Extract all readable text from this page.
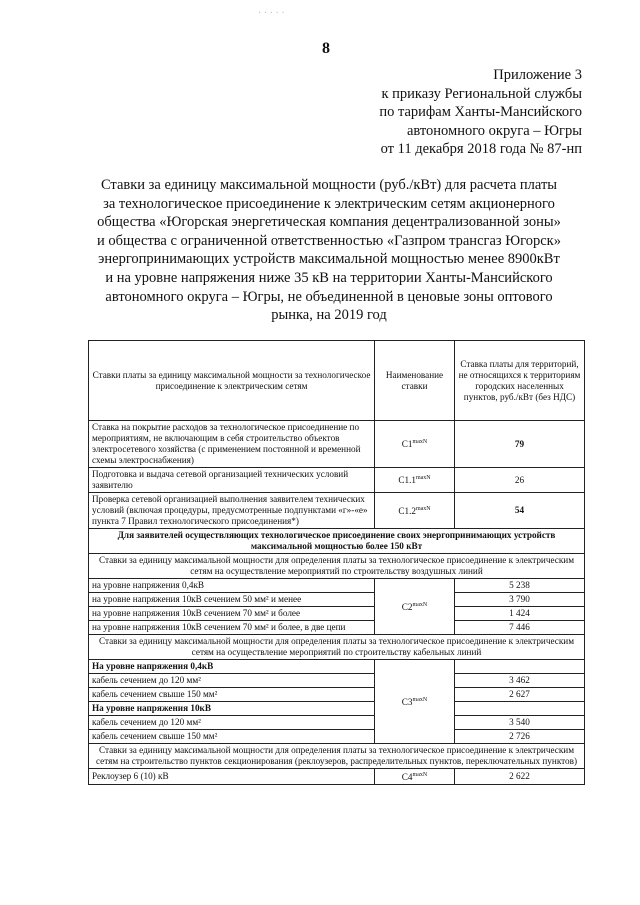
8
· · · · ·
Приложение 3
к приказу Региональной службы
по тарифам Ханты-Мансийского
автономного округа – Югры
от 11 декабря 2018 года № 87-нп
Ставки за единицу максимальной мощности (руб./кВт) для расчета платы
за технологическое присоединение к электрическим сетям акционерного
общества «Югорская энергетическая компания децентрализованной зоны»
и общества с ограниченной ответственностью «Газпром трансгаз Югорск»
энергопринимающих устройств максимальной мощностью менее 8900кВт
и на уровне напряжения ниже 35 кВ на территории Ханты-Мансийского
автономного округа – Югры, не объединенной в ценовые зоны оптового
рынка, на 2019 год
Ставки платы за единицу максимальной мощности за технологическое присоединение к электрическим сетям	Наименование ставки	Ставка платы для территорий, не относящихся к территориям городских населенных пунктов, руб./кВт (без НДС)
Ставка на покрытие расходов за технологическое присоединение по мероприятиям, не включающим в себя строительство объектов электросетевого хозяйства (с применением постоянной и временной схемы электроснабжения)	$C1^{maxN}$	79
Подготовка и выдача сетевой организацией технических условий заявителю	$C1.1^{maxN}$	26
Проверка сетевой организацией выполнения заявителем технических условий (включая процедуры, предусмотренные подпунктами «г»-«е» пункта 7 Правил технологического присоединения*)	$C1.2^{maxN}$	54
Для заявителей осуществляющих технологическое присоединение своих энергопринимающих устройств максимальной мощностью более 150 кВт		
Ставки за единицу максимальной мощности для определения платы за технологическое присоединение к электрическим сетям на осуществление мероприятий по строительству воздушных линий		
на уровне напряжения 0,4кВ	$C2^{maxN}$	5 238
на уровне напряжения 10кВ сечением 50 мм² и менее		3 790
на уровне напряжения 10кВ сечением 70 мм² и более		1 424
на уровне напряжения 10кВ сечением 70 мм² и более, в две цепи		7 446
Ставки за единицу максимальной мощности для определения платы за технологическое присоединение к электрическим сетям на осуществление мероприятий по строительству кабельных линий		
На уровне напряжения 0,4кВ	$C3^{maxN}$	
кабель сечением до 120 мм²		3 462
кабель сечением свыше 150 мм²		2 627
На уровне напряжения 10кВ		
кабель сечением до 120 мм²		3 540
кабель сечением свыше 150 мм²		2 726
Ставки за единицу максимальной мощности для определения платы за технологическое присоединение к электрическим сетям на строительство пунктов секционирования (реклоузеров, распределительных пунктов, переключательных пунктов)		
Реклоузер 6 (10) кВ	$C4^{maxN}$	2 622
